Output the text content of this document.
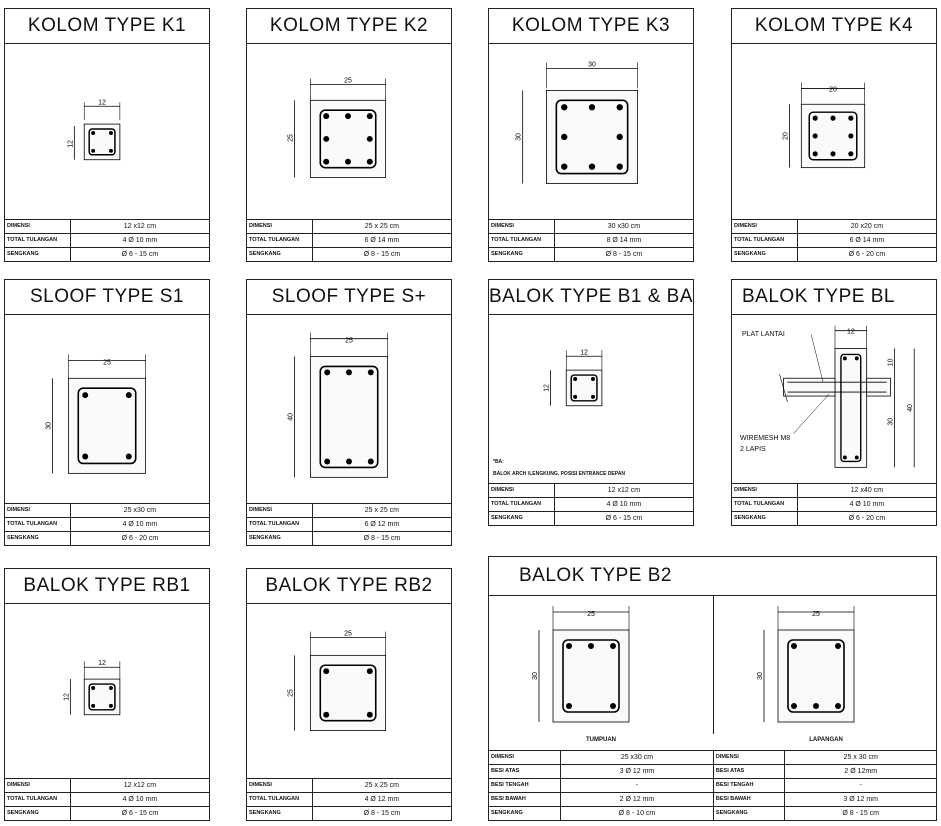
KOLOM TYPE K1
12
12
DIMENSI	12 x12 cm
TOTAL TULANGAN	4 Ø 10 mm
SENGKANG	Ø 6 - 15 cm
KOLOM TYPE K2
25
25
DIMENSI	25 x 25 cm
TOTAL TULANGAN	6 Ø 14 mm
SENGKANG	Ø 8 - 15 cm
KOLOM TYPE K3
30
30
DIMENSI	30 x30 cm
TOTAL TULANGAN	8 Ø 14 mm
SENGKANG	Ø 8 - 15 cm
KOLOM TYPE K4
20
20
DIMENSI	20 x20 cm
TOTAL TULANGAN	6 Ø 14 mm
SENGKANG	Ø 6 - 20 cm
SLOOF TYPE S1
25
30
DIMENSI	25 x30 cm
TOTAL TULANGAN	4 Ø 10 mm
SENGKANG	Ø 6 - 20 cm
SLOOF TYPE S+
25
40
DIMENSI	25 x 25 cm
TOTAL TULANGAN	6 Ø 12 mm
SENGKANG	Ø 8 - 15 cm
BALOK TYPE B1 & BA
12
12
*BA:
BALOK ARCH /LENGKUNG, POSISI ENTRANCE DEPAN
DIMENSI	12 x12 cm
TOTAL TULANGAN	4 Ø 10 mm
SENGKANG	Ø 6 - 15 cm
BALOK TYPE BL
12
10
30
40
PLAT LANTAI
WIREMESH M8
2 LAPIS
DIMENSI	12 x40 cm
TOTAL TULANGAN	4 Ø 10 mm
SENGKANG	Ø 6 - 20 cm
BALOK TYPE RB1
12
12
DIMENSI	12 x12 cm
TOTAL TULANGAN	4 Ø 10 mm
SENGKANG	Ø 6 - 15 cm
BALOK TYPE RB2
25
25
DIMENSI	25 x 25 cm
TOTAL TULANGAN	4 Ø 12 mm
SENGKANG	Ø 8 - 15 cm
BALOK TYPE B2
25
30
25
30
TUMPUAN	LAPANGAN
DIMENSI	25 x30 cm	DIMENSI	25 x 30 cm
BESI ATAS	3 Ø 12 mm	BESI ATAS	2 Ø 12mm
BESI TENGAH	-	BESI TENGAH	-
BESI BAWAH	2 Ø 12 mm	BESI BAWAH	3 Ø 12 mm
SENGKANG	Ø 8 - 10 cm	SENGKANG	Ø 8 - 15 cm
